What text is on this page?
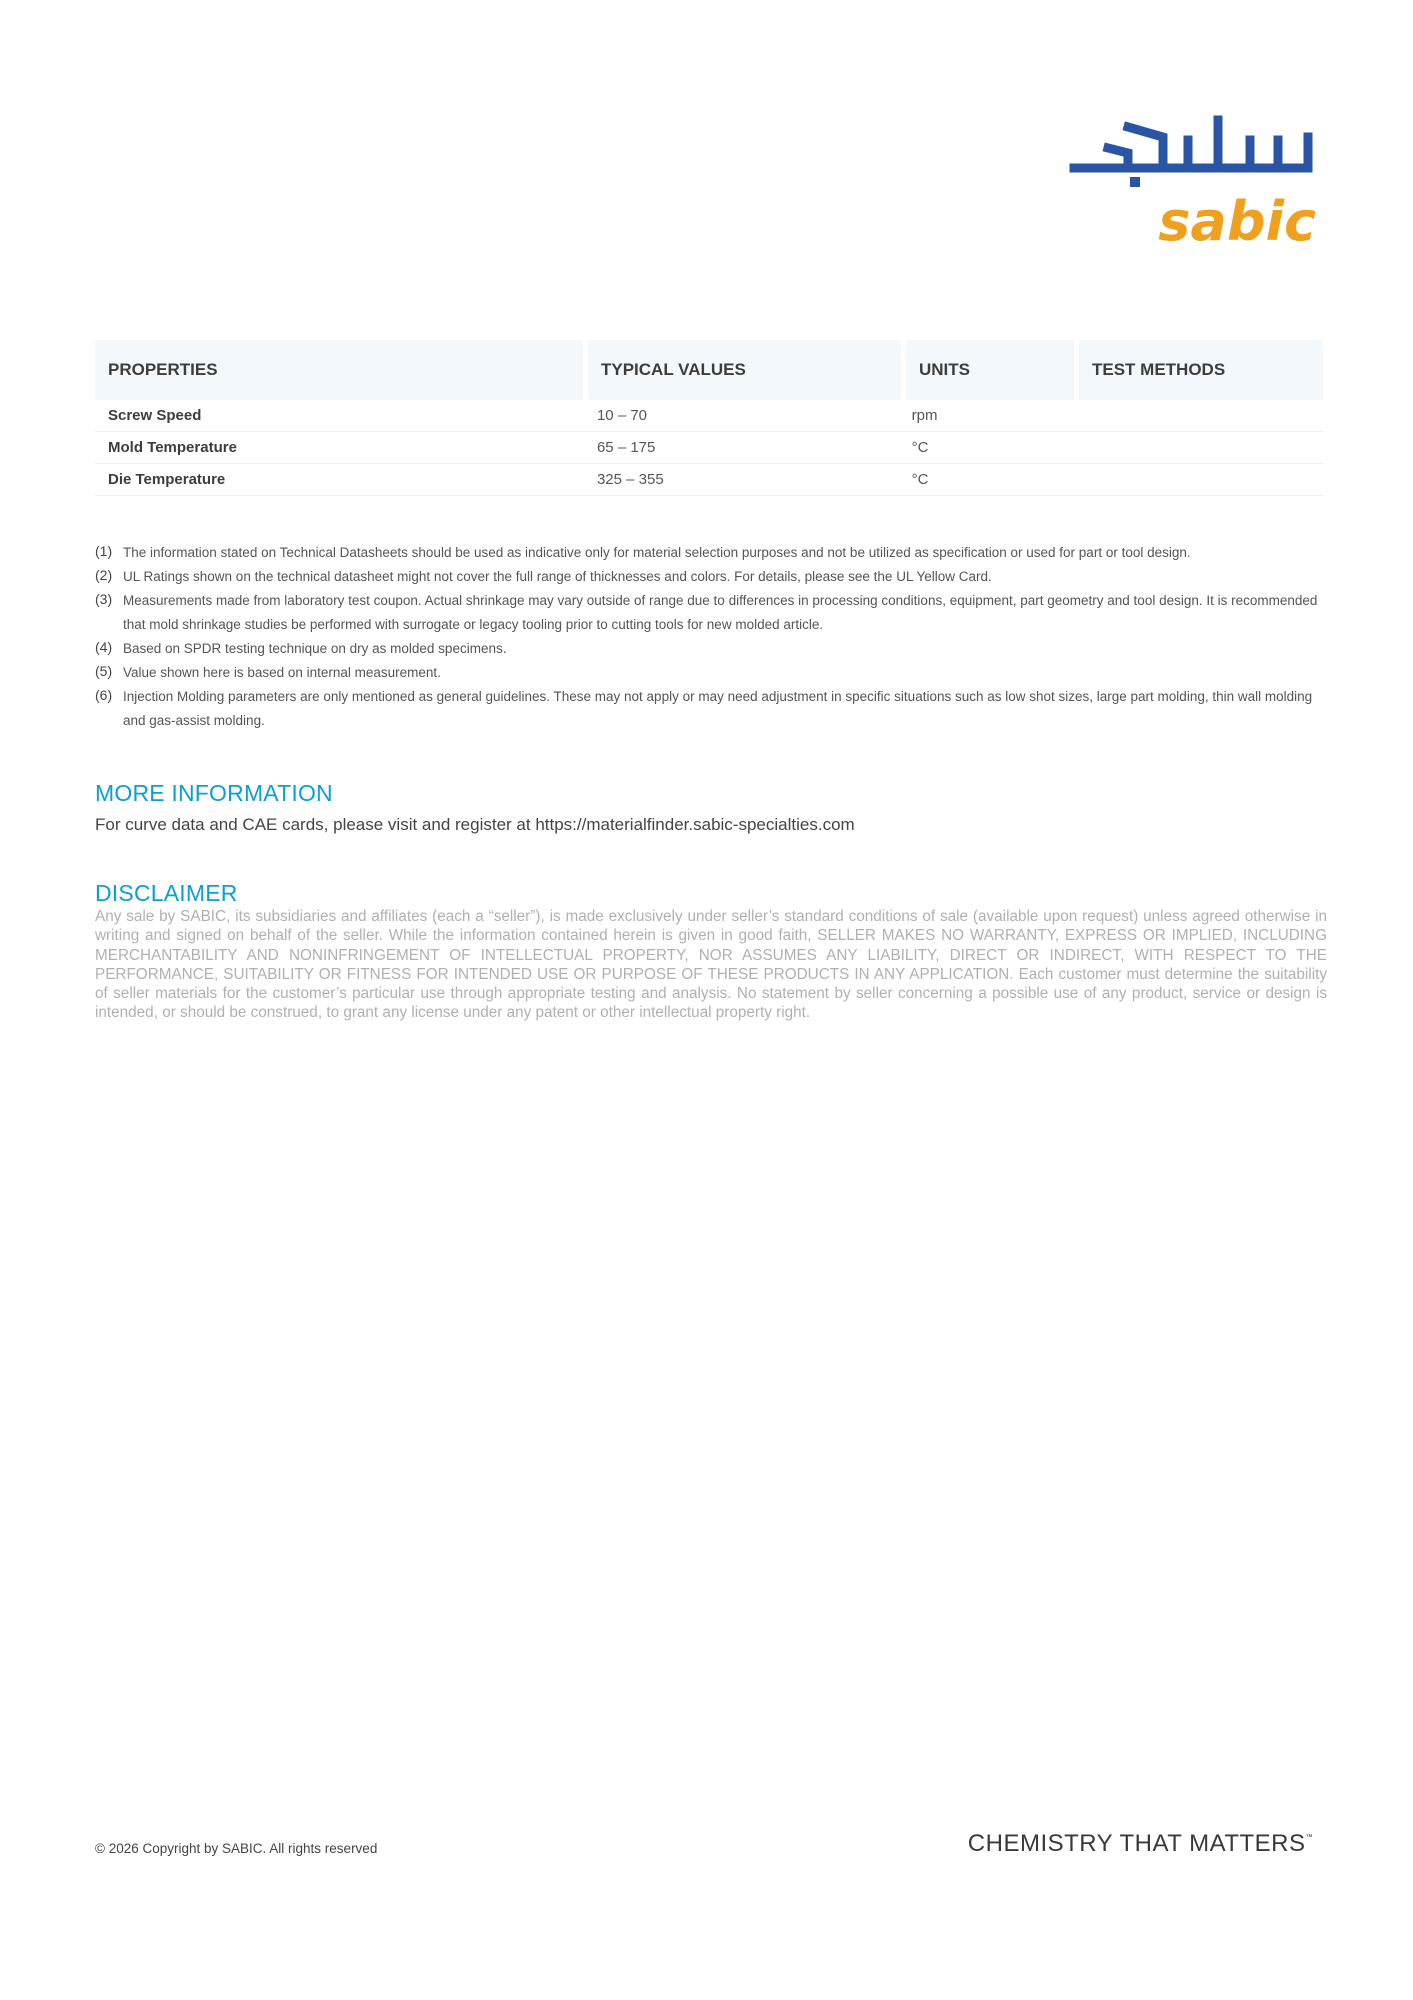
sabic
PROPERTIES	TYPICAL VALUES	UNITS	TEST METHODS
Screw Speed	10 – 70	rpm
Mold Temperature	65 – 175	°C
Die Temperature	325 – 355	°C
(1) The information stated on Technical Datasheets should be used as indicative only for material selection purposes and not be utilized as specification or used for part or tool design.
(2) UL Ratings shown on the technical datasheet might not cover the full range of thicknesses and colors. For details, please see the UL Yellow Card.
(3) Measurements made from laboratory test coupon. Actual shrinkage may vary outside of range due to differences in processing conditions, equipment, part geometry and tool design. It is recommended that mold shrinkage studies be performed with surrogate or legacy tooling prior to cutting tools for new molded article.
(4) Based on SPDR testing technique on dry as molded specimens.
(5) Value shown here is based on internal measurement.
(6) Injection Molding parameters are only mentioned as general guidelines. These may not apply or may need adjustment in specific situations such as low shot sizes, large part molding, thin wall molding and gas-assist molding.
MORE INFORMATION
For curve data and CAE cards, please visit and register at https://materialfinder.sabic-specialties.com
DISCLAIMER
Any sale by SABIC, its subsidiaries and affiliates (each a “seller”), is made exclusively under seller’s standard conditions of sale (available upon request) unless agreed otherwise in writing and signed on behalf of the seller. While the information contained herein is given in good faith, SELLER MAKES NO WARRANTY, EXPRESS OR IMPLIED, INCLUDING MERCHANTABILITY AND NONINFRINGEMENT OF INTELLECTUAL PROPERTY, NOR ASSUMES ANY LIABILITY, DIRECT OR INDIRECT, WITH RESPECT TO THE PERFORMANCE, SUITABILITY OR FITNESS FOR INTENDED USE OR PURPOSE OF THESE PRODUCTS IN ANY APPLICATION. Each customer must determine the suitability of seller materials for the customer’s particular use through appropriate testing and analysis. No statement by seller concerning a possible use of any product, service or design is intended, or should be construed, to grant any license under any patent or other intellectual property right.
© 2026 Copyright by SABIC. All rights reserved	CHEMISTRY THAT MATTERS™
